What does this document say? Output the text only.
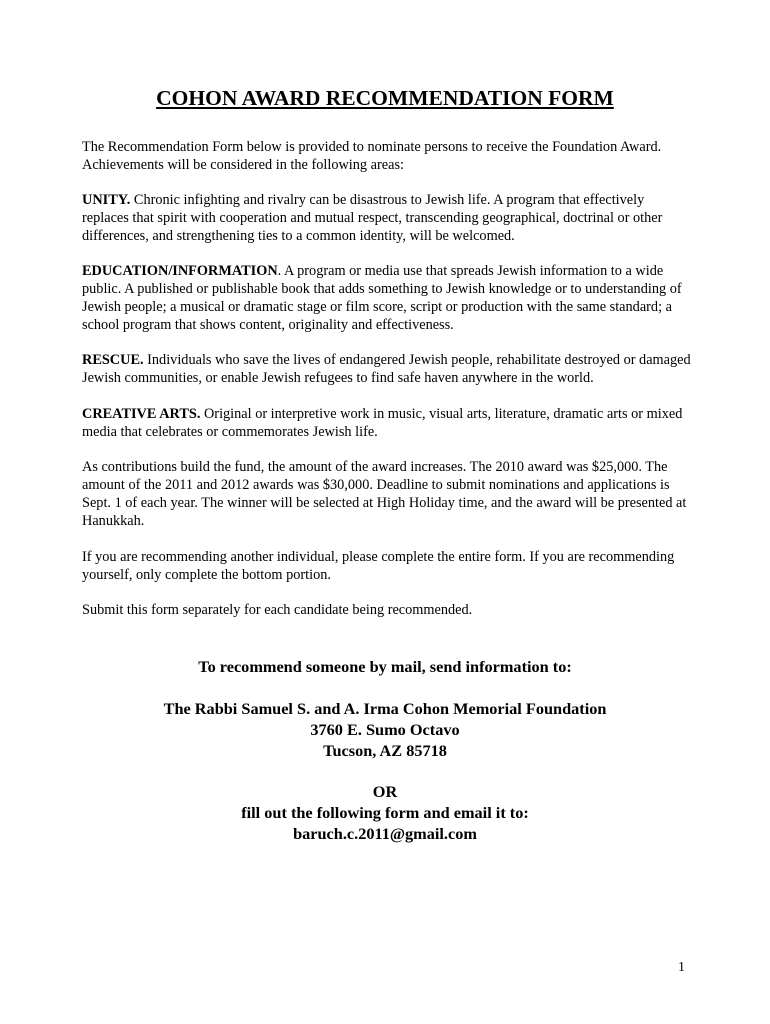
COHON AWARD RECOMMENDATION FORM

The Recommendation Form below is provided to nominate persons to receive the Foundation Award. Achievements will be considered in the following areas:

UNITY. Chronic infighting and rivalry can be disastrous to Jewish life. A program that effectively replaces that spirit with cooperation and mutual respect, transcending geographical, doctrinal or other differences, and strengthening ties to a common identity, will be welcomed.

EDUCATION/INFORMATION. A program or media use that spreads Jewish information to a wide public. A published or publishable book that adds something to Jewish knowledge or to understanding of Jewish people; a musical or dramatic stage or film score, script or production with the same standard; a school program that shows content, originality and effectiveness.

RESCUE. Individuals who save the lives of endangered Jewish people, rehabilitate destroyed or damaged Jewish communities, or enable Jewish refugees to find safe haven anywhere in the world.

CREATIVE ARTS. Original or interpretive work in music, visual arts, literature, dramatic arts or mixed media that celebrates or commemorates Jewish life.

As contributions build the fund, the amount of the award increases. The 2010 award was $25,000. The amount of the 2011 and 2012 awards was $30,000. Deadline to submit nominations and applications is Sept. 1 of each year. The winner will be selected at High Holiday time, and the award will be presented at Hanukkah.

If you are recommending another individual, please complete the entire form. If you are recommending yourself, only complete the bottom portion.

Submit this form separately for each candidate being recommended.

To recommend someone by mail, send information to:
The Rabbi Samuel S. and A. Irma Cohon Memorial Foundation
3760 E. Sumo Octavo
Tucson, AZ 85718
OR
fill out the following form and email it to:
baruch.c.2011@gmail.com
1
